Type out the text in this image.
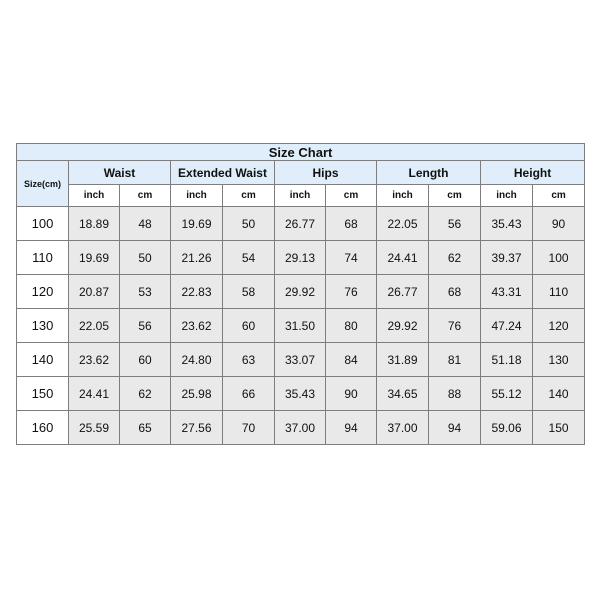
Size Chart										
Size(cm)	Waist		Extended Waist		Hips		Length		Height	
	inch	cm	inch	cm	inch	cm	inch	cm	inch	cm
100	18.89	48	19.69	50	26.77	68	22.05	56	35.43	90
110	19.69	50	21.26	54	29.13	74	24.41	62	39.37	100
120	20.87	53	22.83	58	29.92	76	26.77	68	43.31	110
130	22.05	56	23.62	60	31.50	80	29.92	76	47.24	120
140	23.62	60	24.80	63	33.07	84	31.89	81	51.18	130
150	24.41	62	25.98	66	35.43	90	34.65	88	55.12	140
160	25.59	65	27.56	70	37.00	94	37.00	94	59.06	150
